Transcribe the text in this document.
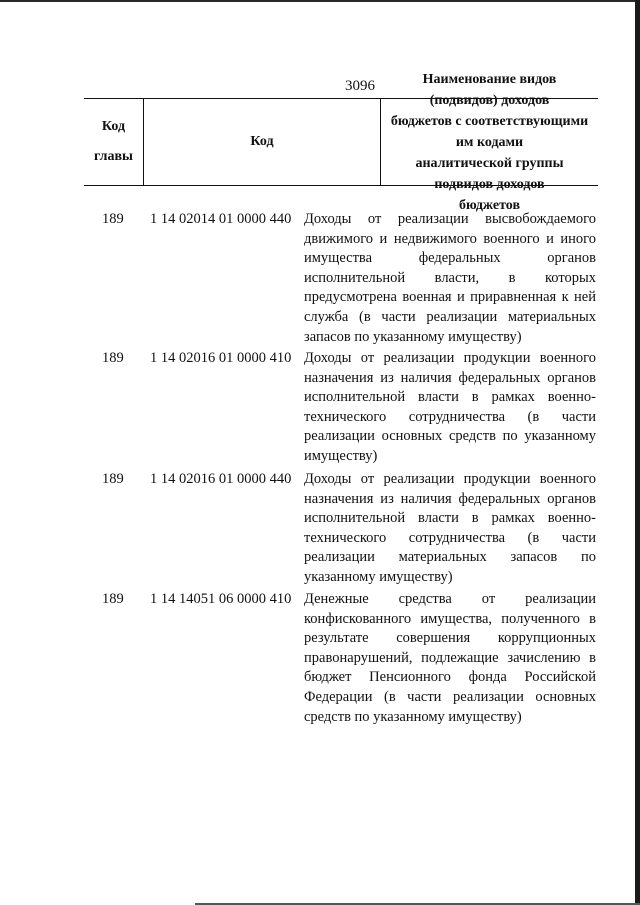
3096
Код
главы
Код
Наименование видов (подвидов) доходов
бюджетов с соответствующими им кодами
аналитической группы подвидов доходов
бюджетов
189 1 14 02014 01 0000 440 Доходы от реализации высвобождаемого
движимого и недвижимого военного и иного
имущества федеральных органов
исполнительной власти, в которых
предусмотрена военная и приравненная к ней
служба (в части реализации материальных
запасов по указанному имуществу)
189 1 14 02016 01 0000 410 Доходы от реализации продукции военного
назначения из наличия федеральных органов
исполнительной власти в рамках военно-
технического сотрудничества (в части
реализации основных средств по указанному
имуществу)
189 1 14 02016 01 0000 440 Доходы от реализации продукции военного
назначения из наличия федеральных органов
исполнительной власти в рамках военно-
технического сотрудничества (в части
реализации материальных запасов по
указанному имуществу)
189 1 14 14051 06 0000 410 Денежные средства от реализации
конфискованного имущества, полученного в
результате совершения коррупционных
правонарушений, подлежащие зачислению в
бюджет Пенсионного фонда Российской
Федерации (в части реализации основных
средств по указанному имуществу)
